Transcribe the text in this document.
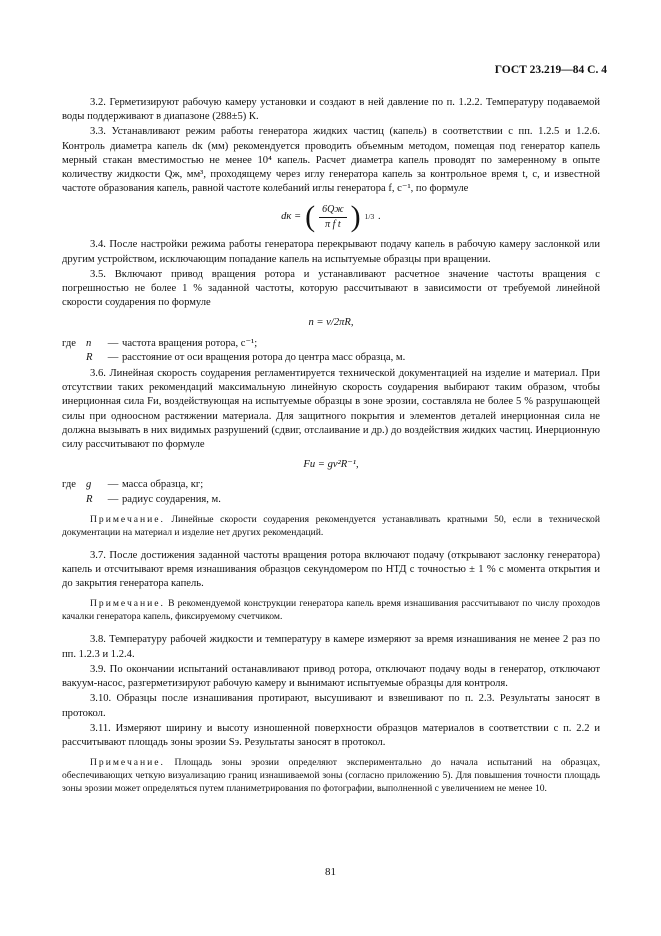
ГОСТ 23.219—84 С. 4

3.2. Герметизируют рабочую камеру установки и создают в ней давление по п. 1.2.2. Температуру подаваемой воды поддерживают в диапазоне (288±5) К.

3.3. Устанавливают режим работы генератора жидких частиц (капель) в соответствии с пп. 1.2.5 и 1.2.6. Контроль диаметра капель dк (мм) рекомендуется проводить объемным методом, помещая под генератор капель мерный стакан вместимостью не менее 10⁴ капель. Расчет диаметра капель проводят по замеренному в опыте количеству жидкости Qж, мм³, проходящему через иглу генератора капель за контрольное время t, c, и известной частоте образования капель, равной частоте колебаний иглы генератора f, c⁻¹, по формуле

dк = ( $\frac{6Qж}{\text{π f t}}$ ) 1/3 .

3.4. После настройки режима работы генератора перекрывают подачу капель в рабочую камеру заслонкой или другим устройством, исключающим попадание капель на испытуемые образцы при вращении.

3.5. Включают привод вращения ротора и устанавливают расчетное значение частоты вращения с погрешностью не более 1 % заданной частоты, которую рассчитывают в зависимости от требуемой линейной скорости соударения по формуле

n = v/2πR,
где n	— частота вращения ротора, с⁻¹;
R	— расстояние от оси вращения ротора до центра масс образца, м.

3.6. Линейная скорость соударения регламентируется технической документацией на изделие и материал. При отсутствии таких рекомендаций максимальную линейную скорость соударения выбирают таким образом, чтобы инерционная сила Fи, воздействующая на испытуемые образцы в зоне эрозии, составляла не более 5 % разрушающей силы при одноосном растяжении материала. Для защитного покрытия и элементов деталей инерционная сила не должна вызывать в них видимых разрушений (сдвиг, отслаивание и др.) до воздействия жидких частиц. Инерционную силу рассчитывают по формуле

Fи = gv²R⁻¹,
где g	— масса образца, кг;
R	— радиус соударения, м.
Примечание. Линейные скорости соударения рекомендуется устанавливать кратными 50, если в технической документации на материал и изделие нет других рекомендаций.

3.7. После достижения заданной частоты вращения ротора включают подачу (открывают заслонку генератора) капель и отсчитывают время изнашивания образцов секундомером по НТД с точностью ± 1 % с момента открытия и до закрытия генератора капель.

Примечание. В рекомендуемой конструкции генератора капель время изнашивания рассчитывают по числу проходов качалки генератора капель, фиксируемому счетчиком.

3.8. Температуру рабочей жидкости и температуру в камере измеряют за время изнашивания не менее 2 раз по пп. 1.2.3 и 1.2.4.

3.9. По окончании испытаний останавливают привод ротора, отключают подачу воды в генератор, отключают вакуум-насос, разгерметизируют рабочую камеру и вынимают испытуемые образцы для контроля.

3.10. Образцы после изнашивания протирают, высушивают и взвешивают по п. 2.3. Результаты заносят в протокол.

3.11. Измеряют ширину и высоту изношенной поверхности образцов материалов в соответствии с п. 2.2 и рассчитывают площадь зоны эрозии Sэ. Результаты заносят в протокол.

Примечание. Площадь зоны эрозии определяют экспериментально до начала испытаний на образцах, обеспечивающих четкую визуализацию границ изнашиваемой зоны (согласно приложению 5). Для повышения точности площадь зоны эрозии может определяться путем планиметрирования по фотографии, выполненной с увеличением не менее 10.
81
